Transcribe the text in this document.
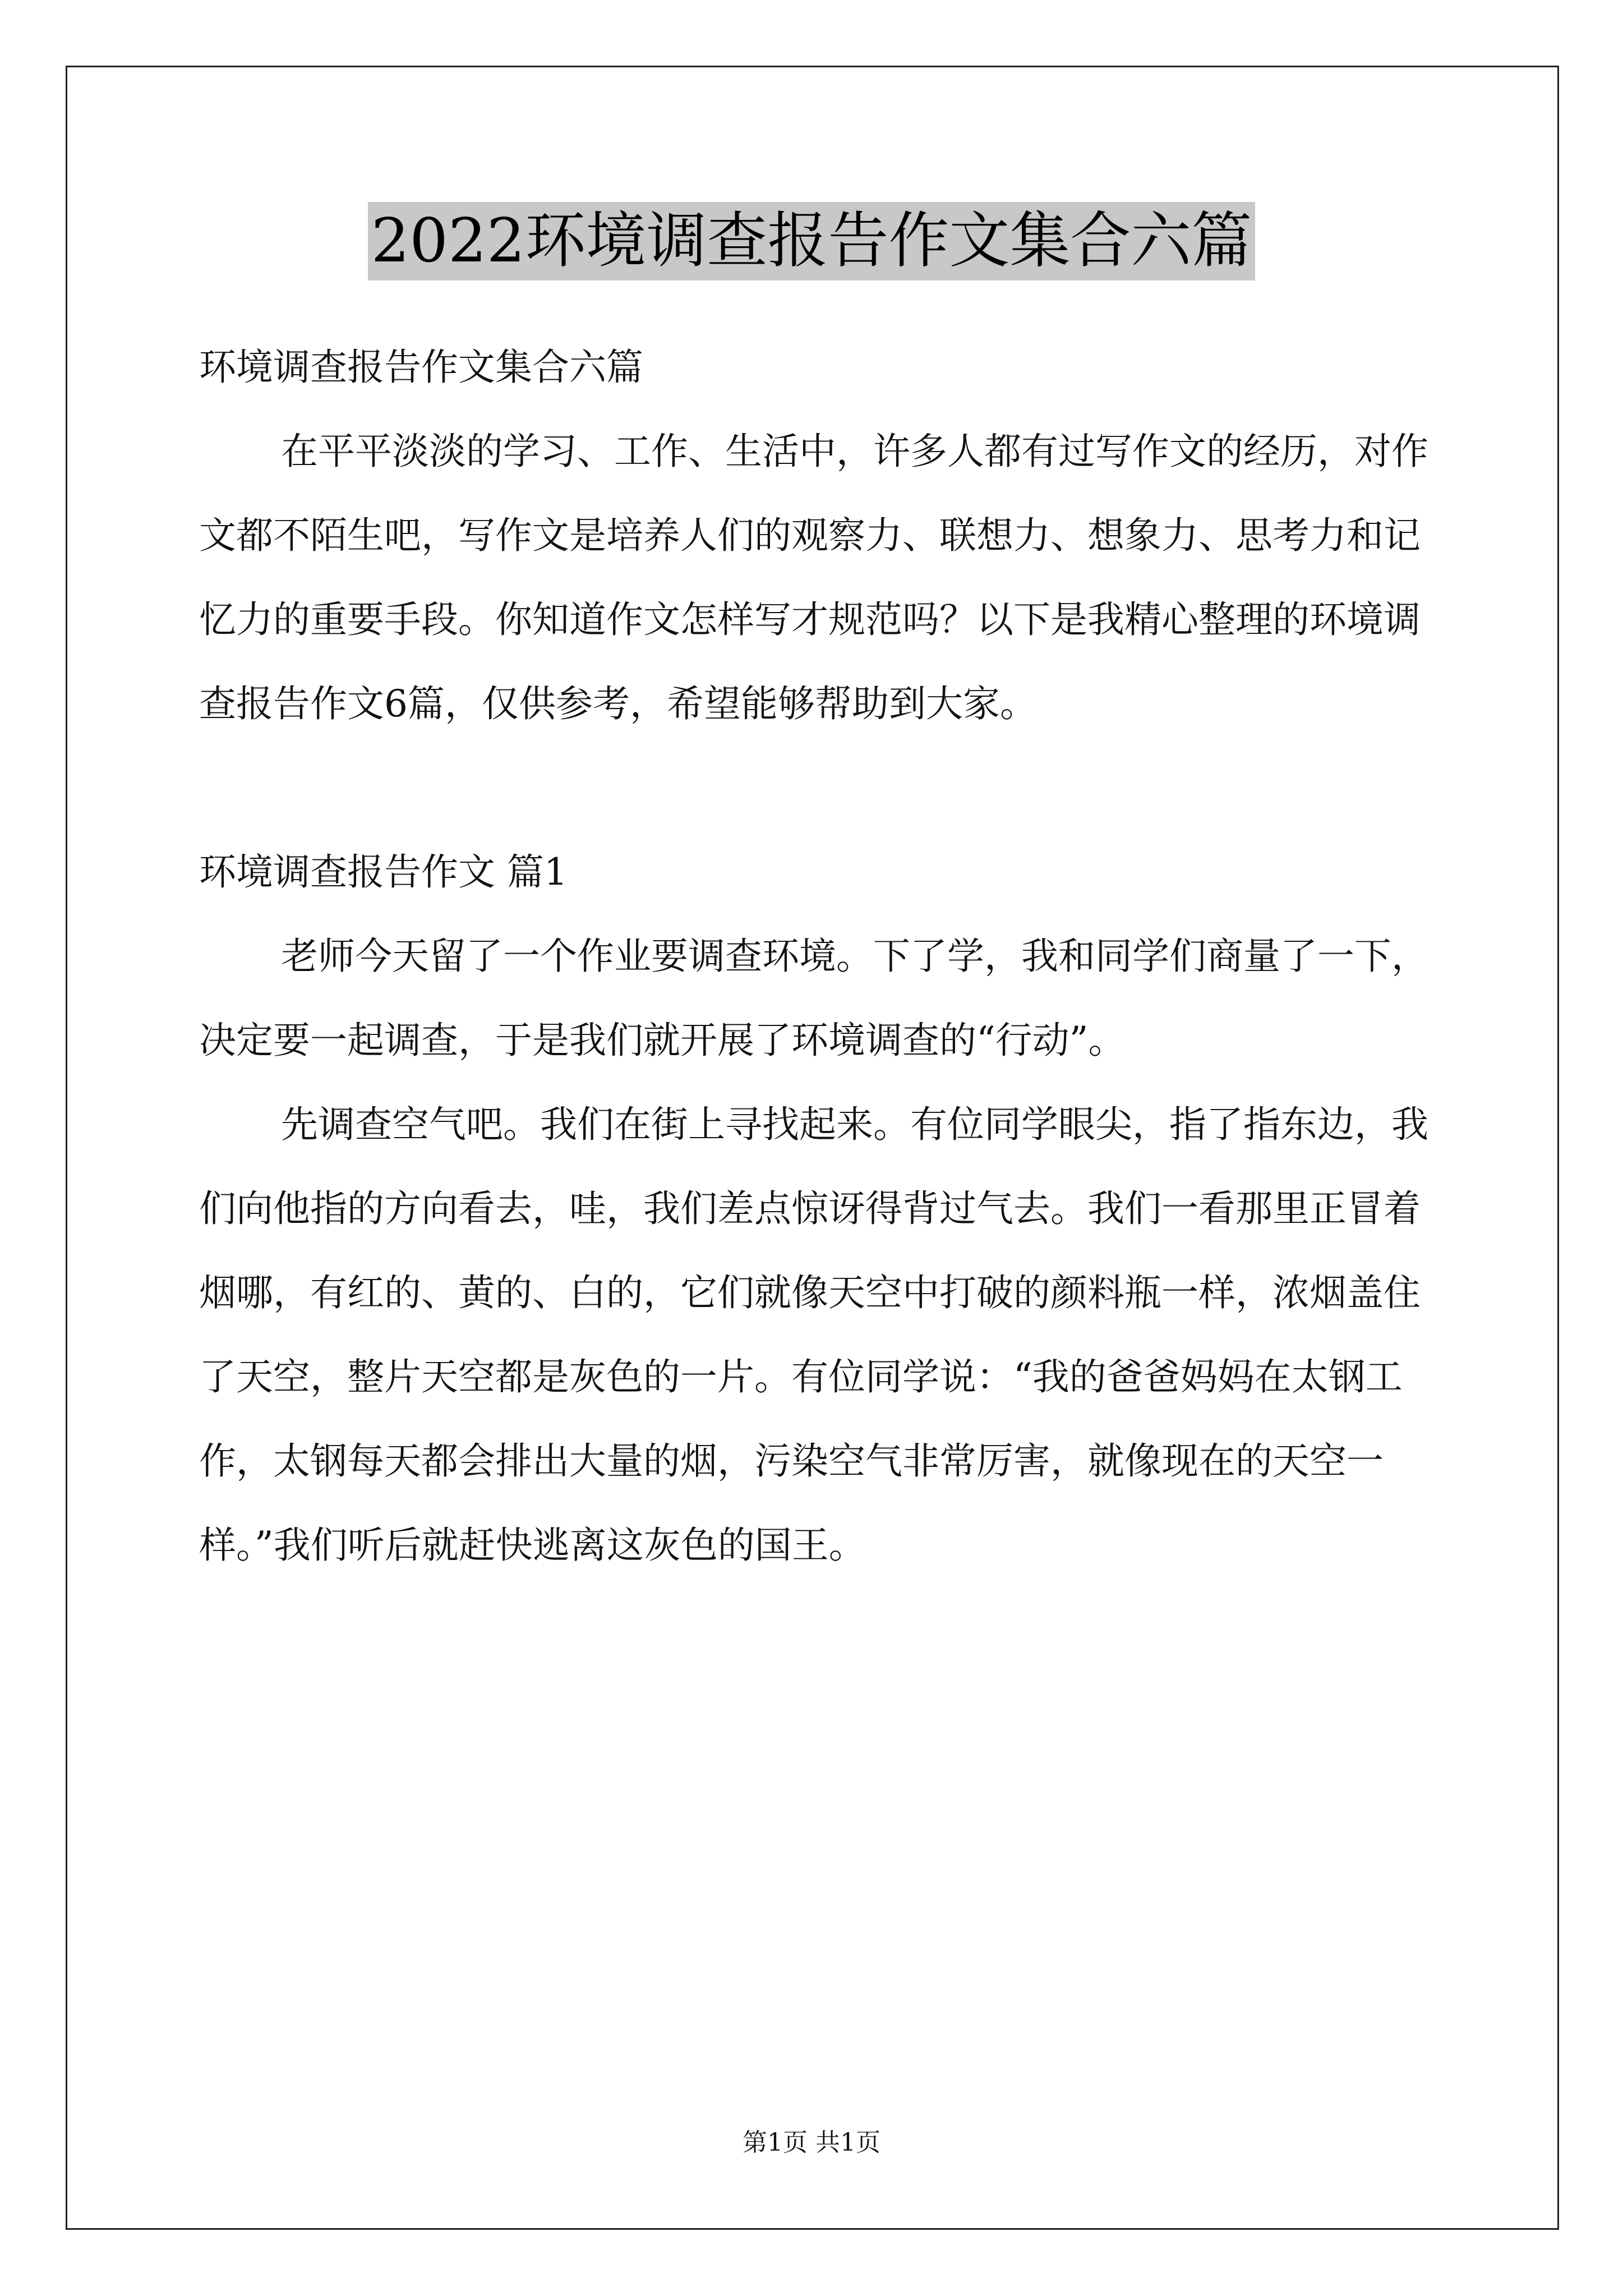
2022环境调查报告作文集合六篇

环境调查报告作文集合六篇

在平平淡淡的学习、工作、生活中，许多人都有过写作文的经历，对作文都不陌生吧，写作文是培养人们的观察力、联想力、想象力、思考力和记忆力的重要手段。你知道作文怎样写才规范吗？以下是我精心整理的环境调查报告作文6篇，仅供参考，希望能够帮助到大家。

环境调查报告作文 篇1

老师今天留了一个作业要调查环境。下了学，我和同学们商量了一下，决定要一起调查，于是我们就开展了环境调查的“行动”。

先调查空气吧。我们在街上寻找起来。有位同学眼尖，指了指东边，我们向他指的方向看去，哇，我们差点惊讶得背过气去。我们一看那里正冒着烟哪，有红的、黄的、白的，它们就像天空中打破的颜料瓶一样，浓烟盖住了天空，整片天空都是灰色的一片。有位同学说：“我的爸爸妈妈在太钢工作，太钢每天都会排出大量的烟，污染空气非常厉害，就像现在的天空一样。”我们听后就赶快逃离这灰色的国王。

第1页 共1页
